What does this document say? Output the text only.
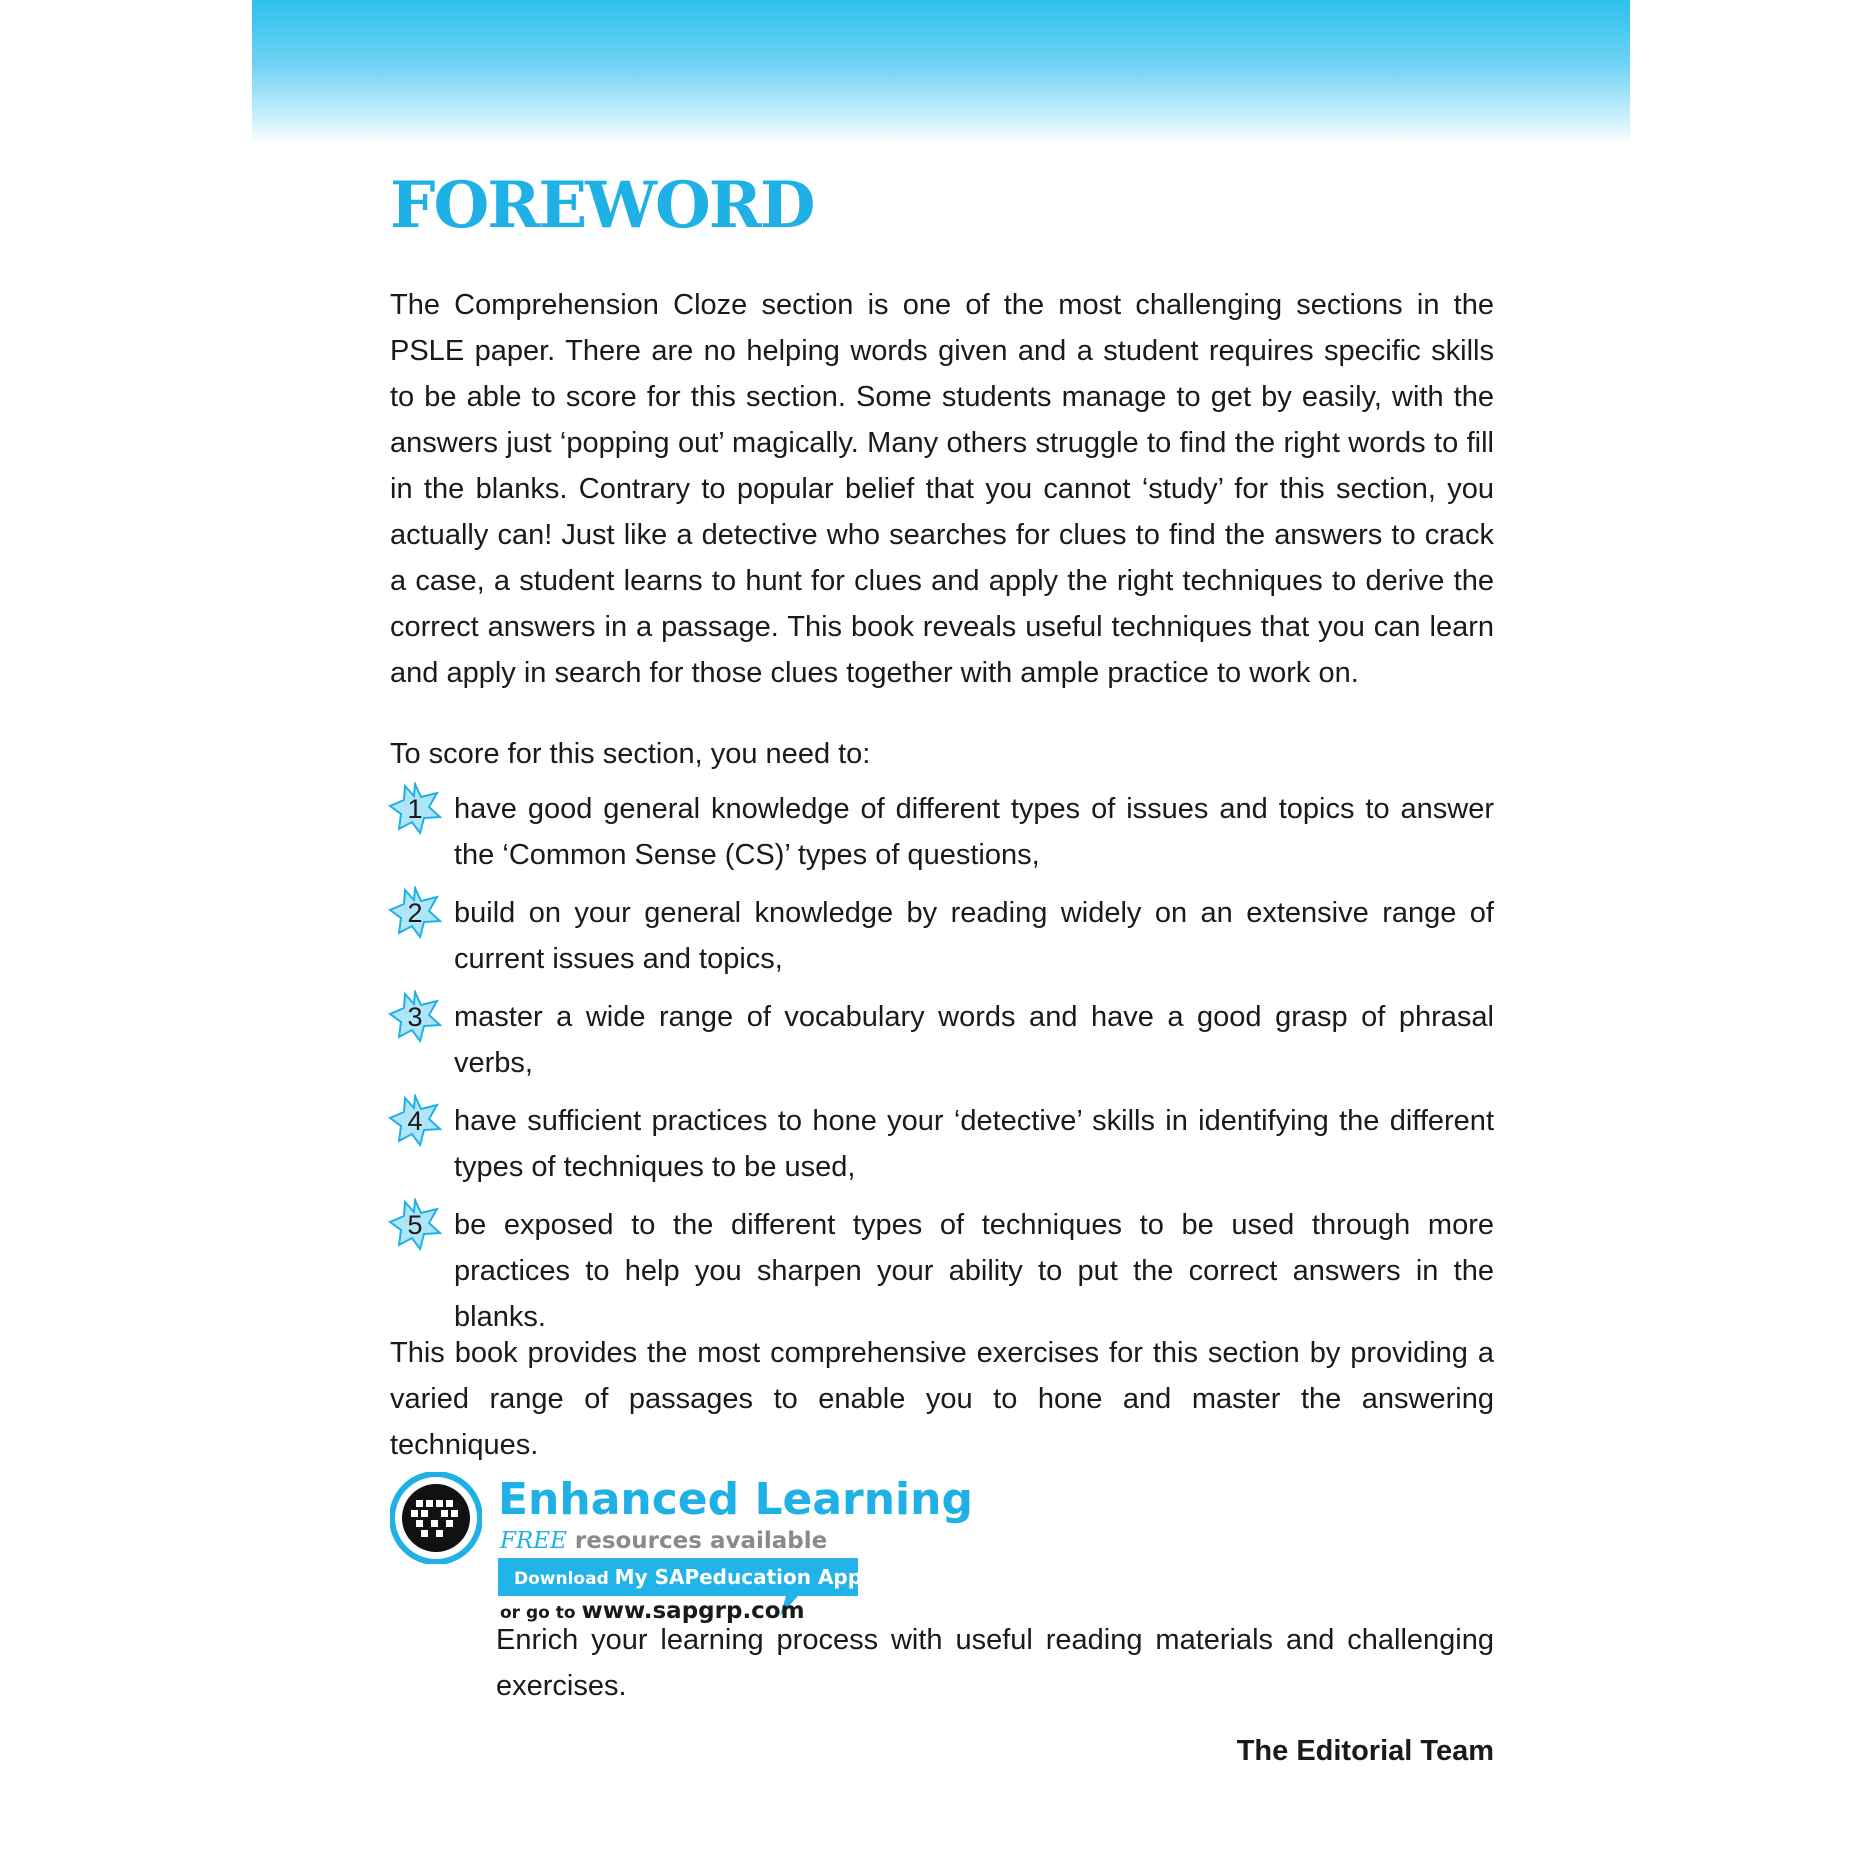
FOREWORD

The Comprehension Cloze section is one of the most challenging sections in the PSLE paper. There are no helping words given and a student requires specific skills to be able to score for this section. Some students manage to get by easily, with the answers just ‘popping out’ magically. Many others struggle to find the right words to fill in the blanks. Contrary to popular belief that you cannot ‘study’ for this section, you actually can! Just like a detective who searches for clues to find the answers to crack a case, a student learns to hunt for clues and apply the right techniques to derive the correct answers in a passage. This book reveals useful techniques that you can learn and apply in search for those clues together with ample practice to work on.

To score for this section, you need to:

1	have good general knowledge of different types of issues and topics to answer the ‘Common Sense (CS)’ types of questions,

2	build on your general knowledge by reading widely on an extensive range of current issues and topics,

3	master a wide range of vocabulary words and have a good grasp of phrasal verbs,

4	have sufficient practices to hone your ‘detective’ skills in identifying the different types of techniques to be used,

5	be exposed to the different types of techniques to be used through more practices to help you sharpen your ability to put the correct answers in the blanks.

This book provides the most comprehensive exercises for this section by providing a varied range of passages to enable you to hone and master the answering techniques.

Enhanced Learning
FREE resources available
Download My SAPeducation App Now!
or go to www.sapgrp.com

Enrich your learning process with useful reading materials and challenging exercises.

The Editorial Team
